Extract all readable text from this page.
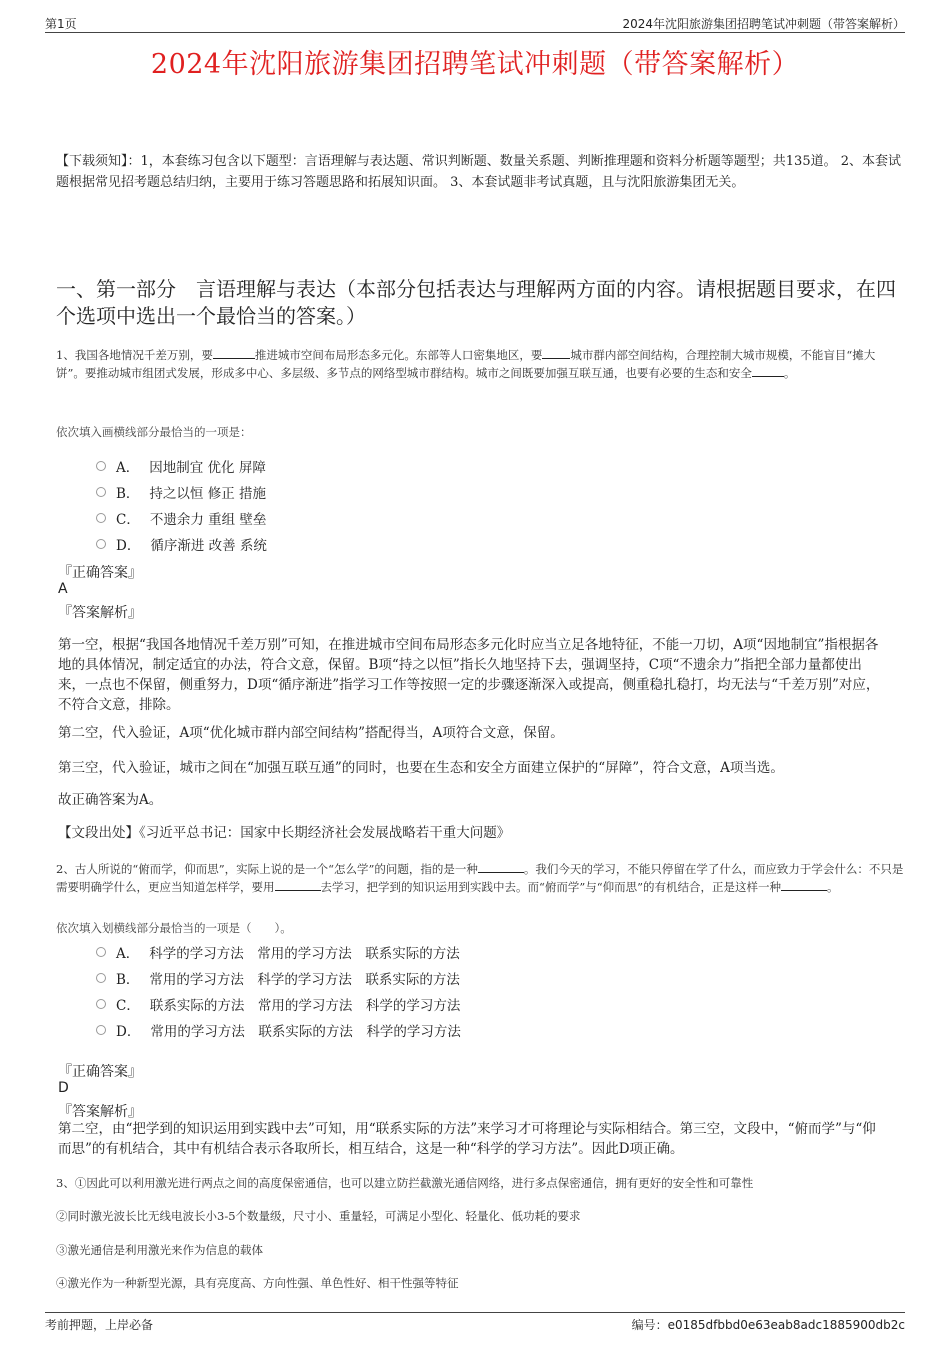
第1页	2024年沈阳旅游集团招聘笔试冲刺题（带答案解析）
2024年沈阳旅游集团招聘笔试冲刺题（带答案解析）
【下载须知】：1，本套练习包含以下题型：言语理解与表达题、常识判断题、数量关系题、判断推理题和资料分析题等题型；共135道。 2、本套试题根据常见招考题总结归纳，主要用于练习答题思路和拓展知识面。 3、本套试题非考试真题，且与沈阳旅游集团无关。
一、第一部分　言语理解与表达（本部分包括表达与理解两方面的内容。请根据题目要求，在四个选项中选出一个最恰当的答案。）
1、我国各地情况千差万别，要	推进城市空间布局形态多元化。东部等人口密集地区，要 城市群内部空间结构，合理控制大城市规模，不能盲目“摊大饼”。要推动城市组团式发展，形成多中心、多层级、多节点的网络型城市群结构。城市之间既要加强互联互通，也要有必要的生态和安全	。
依次填入画横线部分最恰当的一项是：
A． 因地制宜 优化 屏障
B． 持之以恒 修正 措施
C． 不遗余力 重组 壁垒
D． 循序渐进 改善 系统
『正确答案』
A
『答案解析』
第一空，根据“我国各地情况千差万别”可知，在推进城市空间布局形态多元化时应当立足各地特征，不能一刀切，A项“因地制宜”指根据各地的具体情况，制定适宜的办法，符合文意，保留。B项“持之以恒”指长久地坚持下去，强调坚持，C项“不遗余力”指把全部力量都使出来，一点也不保留，侧重努力，D项“循序渐进”指学习工作等按照一定的步骤逐渐深入或提高，侧重稳扎稳打，均无法与“千差万别”对应，不符合文意，排除。
第二空，代入验证，A项“优化城市群内部空间结构”搭配得当，A项符合文意，保留。
第三空，代入验证，城市之间在“加强互联互通”的同时，也要在生态和安全方面建立保护的“屏障”，符合文意，A项当选。
故正确答案为A。
【文段出处】《习近平总书记：国家中长期经济社会发展战略若干重大问题》
2、古人所说的“俯而学，仰而思”，实际上说的是一个“怎么学”的问题，指的是一种	。我们今天的学习，不能只停留在学了什么，而应致力于学会什么：不只是需要明确学什么，更应当知道怎样学，要用	去学习，把学到的知识运用到实践中去。而“俯而学”与“仰而思”的有机结合，正是这样一种	。
依次填入划横线部分最恰当的一项是（　　）。
A． 科学的学习方法　常用的学习方法　联系实际的方法
B． 常用的学习方法　科学的学习方法　联系实际的方法
C． 联系实际的方法　常用的学习方法　科学的学习方法
D． 常用的学习方法　联系实际的方法　科学的学习方法
『正确答案』
D
『答案解析』
第二空，由“把学到的知识运用到实践中去”可知，用“联系实际的方法”来学习才可将理论与实际相结合。第三空，文段中，“俯而学”与“仰而思”的有机结合，其中有机结合表示各取所长，相互结合，这是一种“科学的学习方法”。因此D项正确。
3、①因此可以利用激光进行两点之间的高度保密通信，也可以建立防拦截激光通信网络，进行多点保密通信，拥有更好的安全性和可靠性
②同时激光波长比无线电波长小3-5个数量级，尺寸小、重量轻，可满足小型化、轻量化、低功耗的要求
③激光通信是利用激光来作为信息的载体
④激光作为一种新型光源，具有亮度高、方向性强、单色性好、相干性强等特征
考前押题，上岸必备	编号：e0185dfbbd0e63eab8adc1885900db2c
